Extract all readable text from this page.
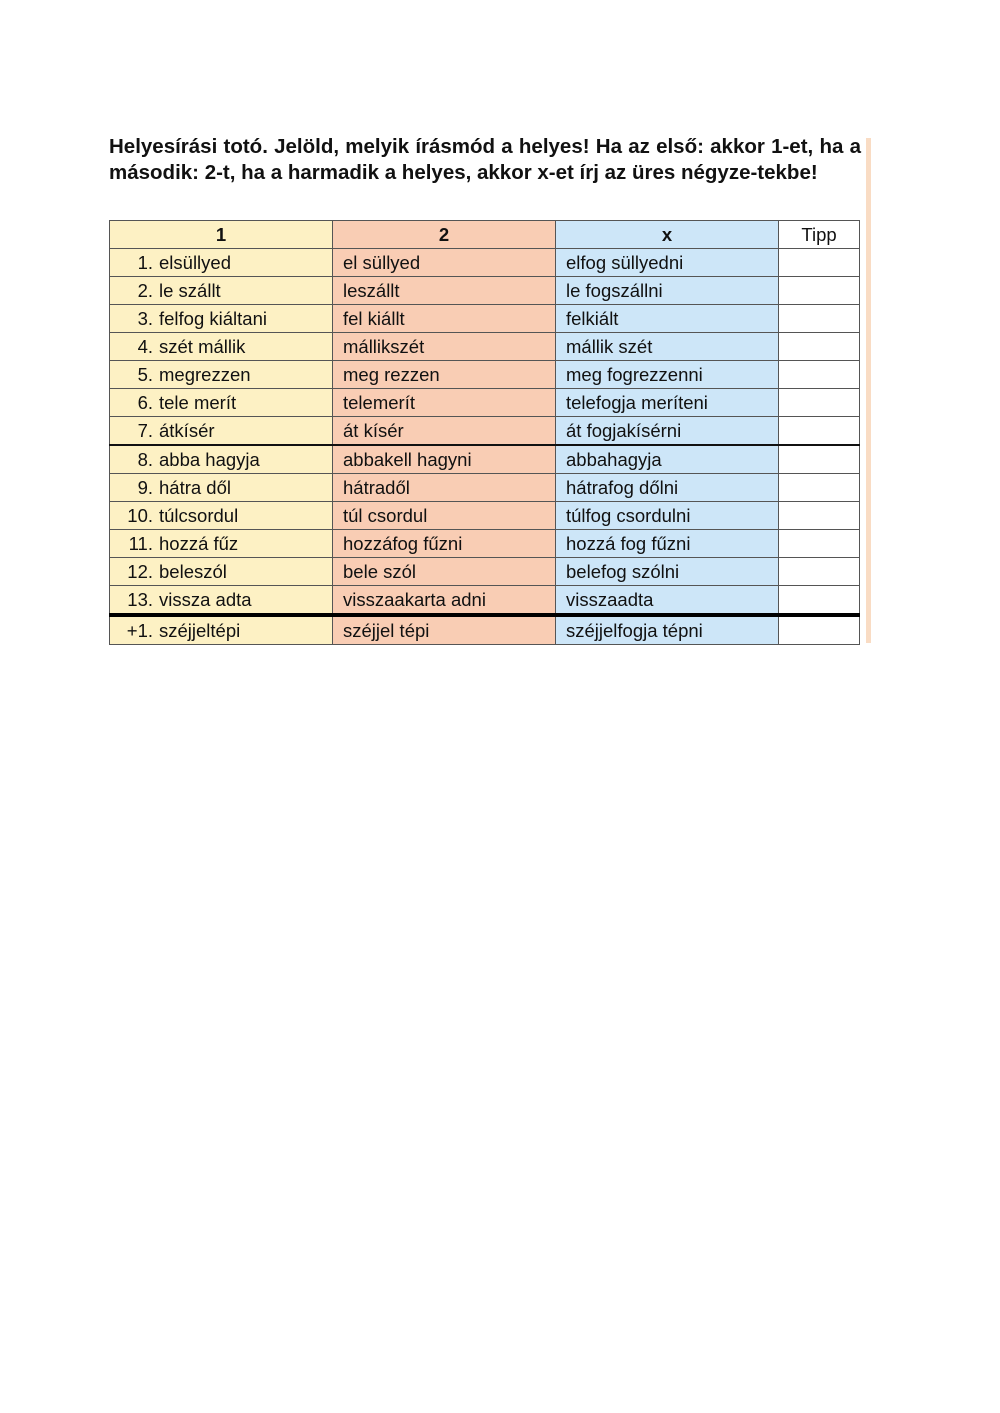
Helyesírási totó. Jelöld, melyik írásmód a helyes! Ha az első: akkor 1-et, ha a második: 2-t, ha a harmadik a helyes, akkor x-et írj az üres négyze-tekbe!

1	2	x	Tipp
1. elsüllyed	el süllyed	elfog süllyedni	
2. le szállt	leszállt	le fogszállni	
3. felfog kiáltani	fel kiállt	felkiált	
4. szét mállik	mállikszét	mállik szét	
5. megrezzen	meg rezzen	meg fogrezzenni	
6. tele merít	telemerít	telefogja meríteni	
7. átkísér	át kísér	át fogjakísérni	
8. abba hagyja	abbakell hagyni	abbahagyja	
9. hátra dől	hátradől	hátrafog dőlni	
10. túlcsordul	túl csordul	túlfog csordulni	
11. hozzá fűz	hozzáfog fűzni	hozzá fog fűzni	
12. beleszól	bele szól	belefog szólni	
13. vissza adta	visszaakarta adni	visszaadta	
+1. széjjeltépi	széjjel tépi	széjjelfogja tépni	
